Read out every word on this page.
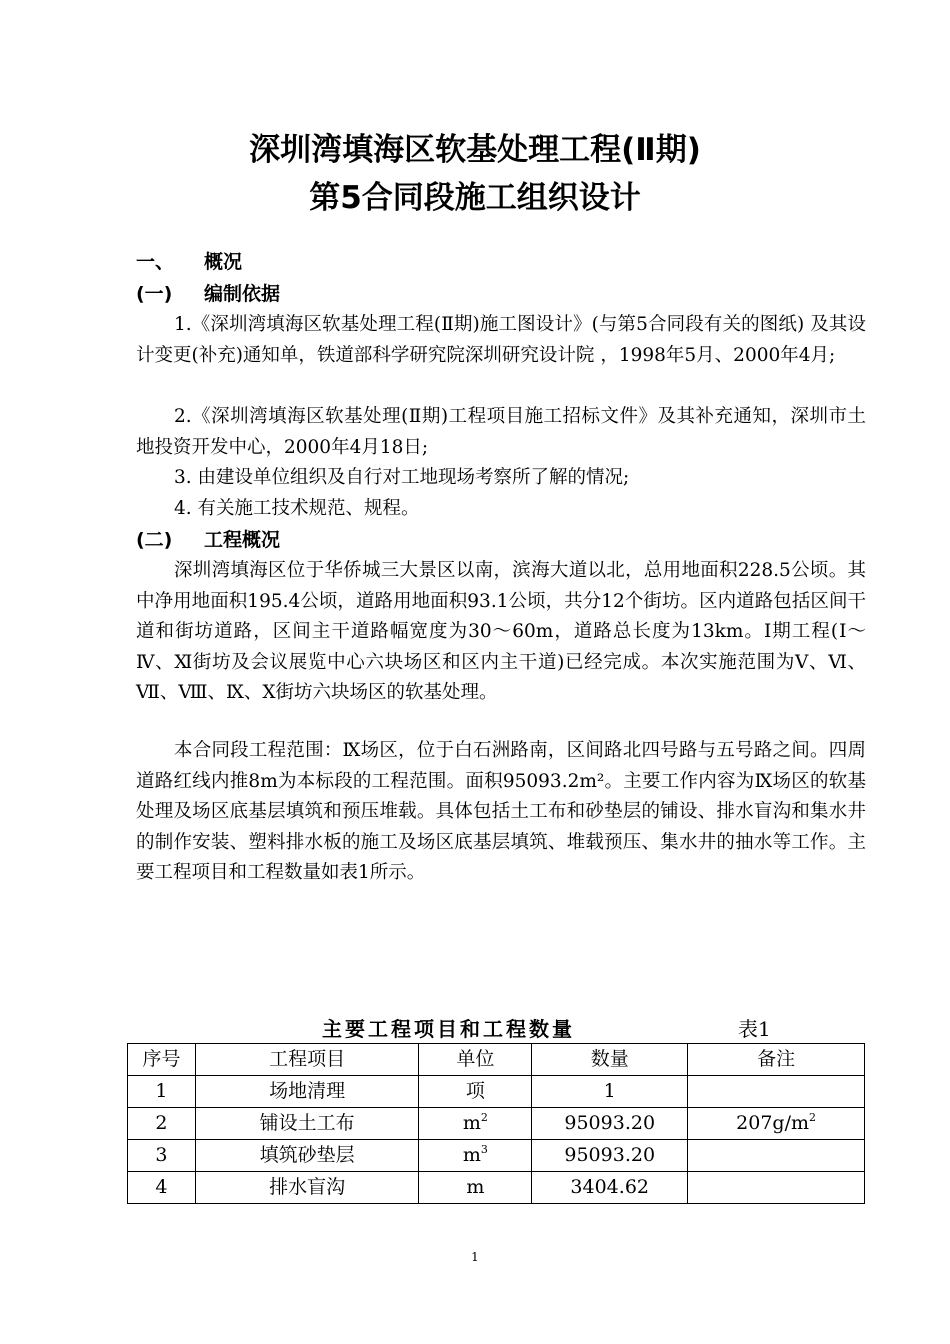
深圳湾填海区软基处理工程(Ⅱ期)
第5合同段施工组织设计
一、 概况
(一) 编制依据
1.《深圳湾填海区软基处理工程(Ⅱ期)施工图设计》(与第5合同段有关的图纸) 及其设计变更(补充)通知单，铁道部科学研究院深圳研究设计院 ，1998年5月、2000年4月;
2.《深圳湾填海区软基处理(Ⅱ期)工程项目施工招标文件》及其补充通知，深圳市土地投资开发中心，2000年4月18日;
3. 由建设单位组织及自行对工地现场考察所了解的情况;
4. 有关施工技术规范、规程。
(二) 工程概况
深圳湾填海区位于华侨城三大景区以南，滨海大道以北，总用地面积228.5公顷。其中净用地面积195.4公顷，道路用地面积93.1公顷，共分12个街坊。区内道路包括区间干道和街坊道路，区间主干道路幅宽度为30～60m，道路总长度为13km。Ⅰ期工程(Ⅰ～Ⅳ、Ⅺ街坊及会议展览中心六块场区和区内主干道)已经完成。本次实施范围为Ⅴ、Ⅵ、Ⅶ、Ⅷ、Ⅸ、Ⅹ街坊六块场区的软基处理。
本合同段工程范围：Ⅸ场区，位于白石洲路南，区间路北四号路与五号路之间。四周道路红线内推8m为本标段的工程范围。面积95093.2m²。主要工作内容为Ⅸ场区的软基处理及场区底基层填筑和预压堆载。具体包括土工布和砂垫层的铺设、排水盲沟和集水井的制作安装、塑料排水板的施工及场区底基层填筑、堆载预压、集水井的抽水等工作。主要工程项目和工程数量如表1所示。
主要工程项目和工程数量	表1
序号	工程项目	单位	数量	备注
1	场地清理	项	1	
2	铺设土工布	$m^2$	95093.20	$207g/m^2$
3	填筑砂垫层	$m^3$	95093.20	
4	排水盲沟	m	3404.62	
1
